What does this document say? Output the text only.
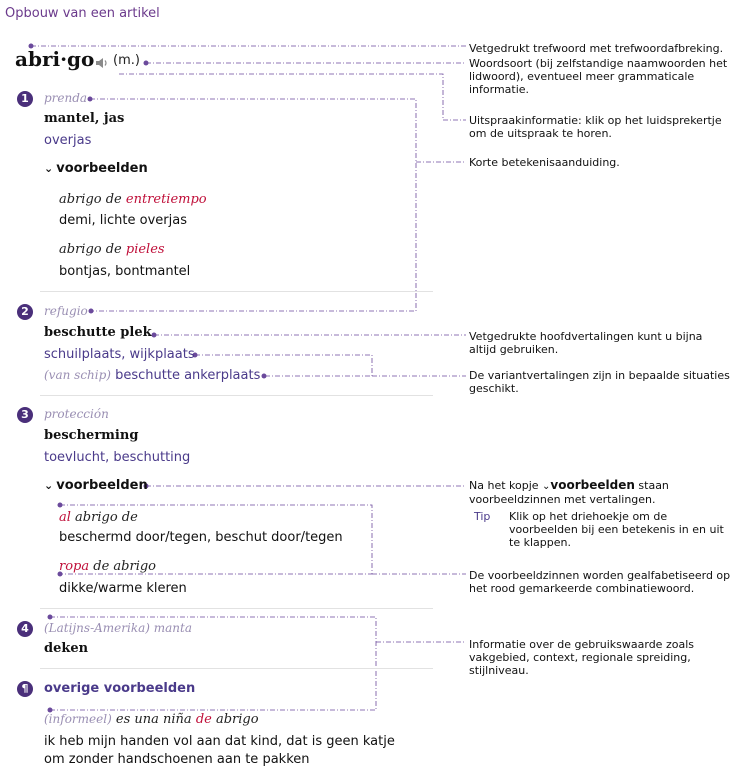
Opbouw van een artikel
abri·go (m.)
1	prenda
mantel, jas
overjas
⌄ voorbeelden
abrigo de entretiempo
demi, lichte overjas
abrigo de pieles
bontjas, bontmantel
2	refugio
beschutte plek
schuilplaats, wijkplaats
(van schip) beschutte ankerplaats
3	protección
bescherming
toevlucht, beschutting
⌄ voorbeelden
al abrigo de
beschermd door/tegen, beschut door/tegen
ropa de abrigo
dikke/warme kleren
4	(Latijns-Amerika) manta
deken
¶	overige voorbeelden
(informeel) es una niña de abrigo
ik heb mijn handen vol aan dat kind, dat is geen katje
om zonder handschoenen aan te pakken
Vetgedrukt trefwoord met trefwoordafbreking.
Woordsoort (bij zelfstandige naamwoorden het lidwoord), eventueel meer grammaticale informatie.
Uitspraakinformatie: klik op het luidsprekertje om de uitspraak te horen.
Korte betekenisaanduiding.
Vetgedrukte hoofdvertalingen kunt u bijna altijd gebruiken.
De variantvertalingen zijn in bepaalde situaties geschikt.
Na het kopje ⌄voorbeelden staan voorbeeldzinnen met vertalingen.
Tip Klik op het driehoekje om de voorbeelden bij een betekenis in en uit te klappen.
De voorbeeldzinnen worden gealfabetiseerd op het rood gemarkeerde combinatiewoord.
Informatie over de gebruikswaarde zoals vakgebied, context, regionale spreiding, stijlniveau.
